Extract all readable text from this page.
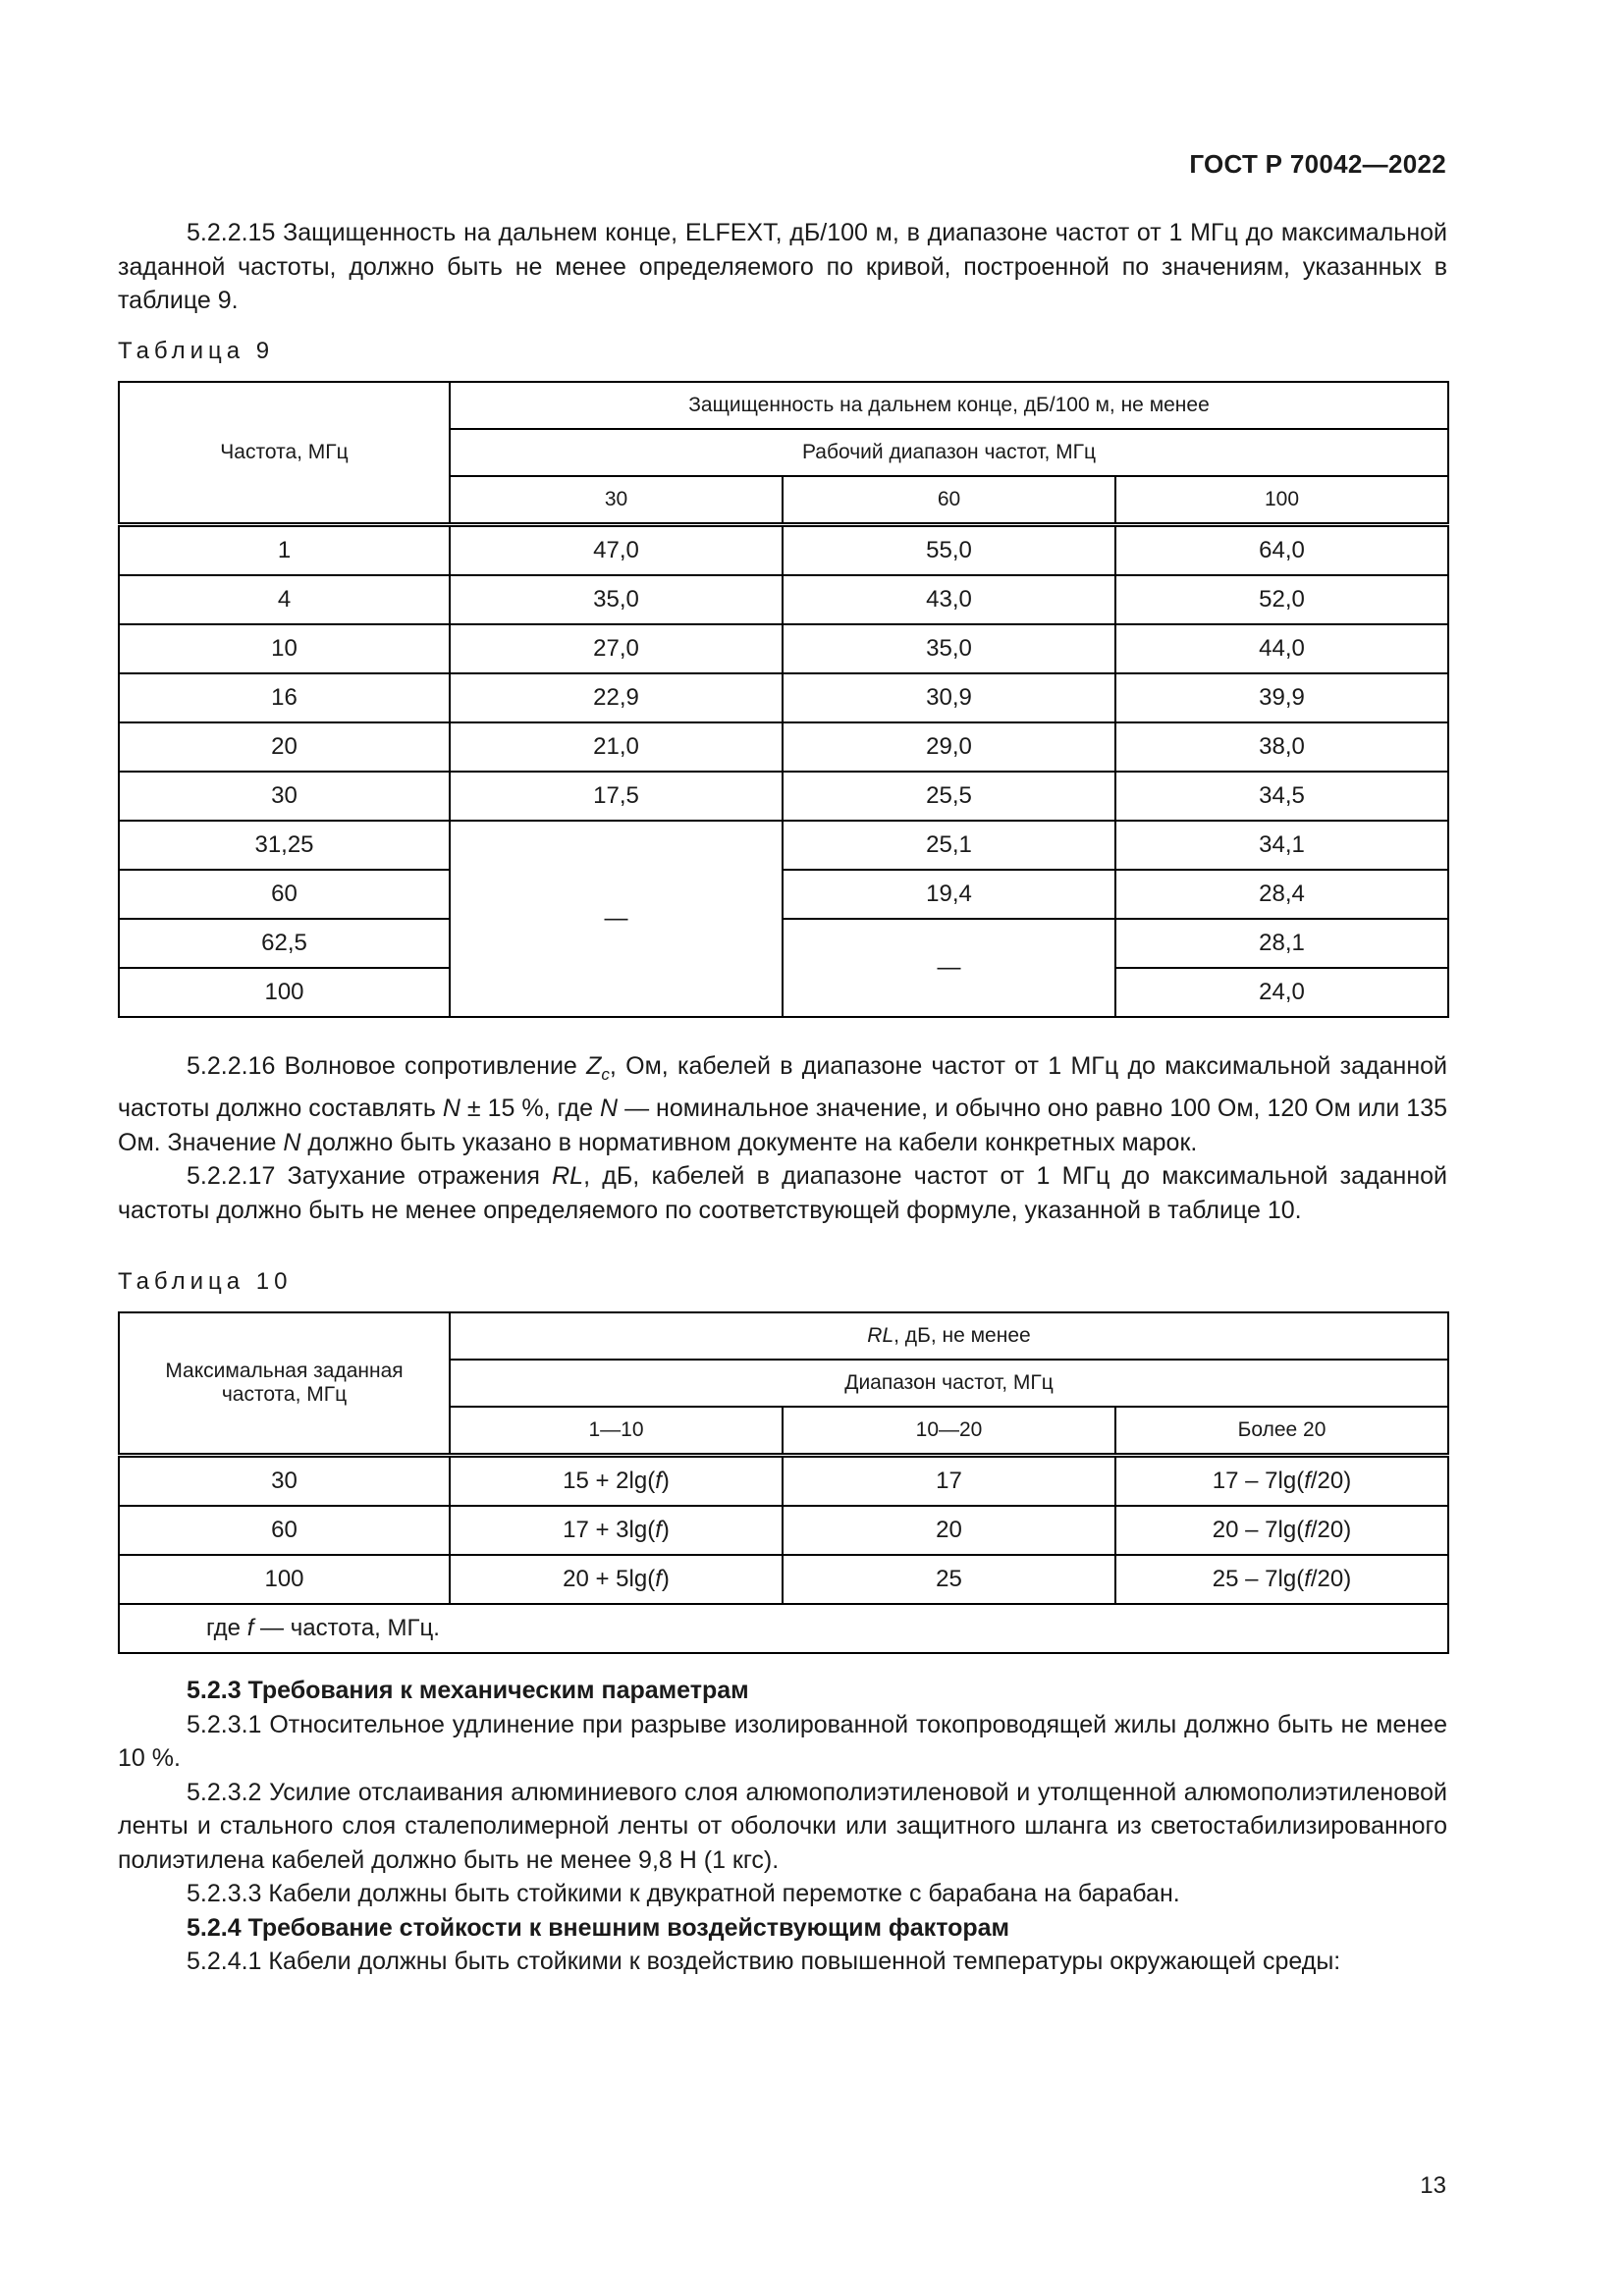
ГОСТ Р 70042—2022

5.2.2.15 Защищенность на дальнем конце, ELFEXT, дБ/100 м, в диапазоне частот от 1 МГц до максимальной заданной частоты, должно быть не менее определяемого по кривой, построенной по значениям, указанных в таблице 9.

Таблица 9
Частота, МГц	Защищенность на дальнем конце, дБ/100 м, не менее		
	Рабочий диапазон частот, МГц		
	30	60	100
1	47,0	55,0	64,0
4	35,0	43,0	52,0
10	27,0	35,0	44,0
16	22,9	30,9	39,9
20	21,0	29,0	38,0
30	17,5	25,5	34,5
31,25	—	25,1	34,1
60		19,4	28,4
62,5		—	28,1
100			24,0

5.2.2.16 Волновое сопротивление $Z_c$, Ом, кабелей в диапазоне частот от 1 МГц до максимальной заданной частоты должно составлять N ± 15 %, где N — номинальное значение, и обычно оно равно 100 Ом, 120 Ом или 135 Ом. Значение N должно быть указано в нормативном документе на кабели конкретных марок.

5.2.2.17 Затухание отражения RL, дБ, кабелей в диапазоне частот от 1 МГц до максимальной заданной частоты должно быть не менее определяемого по соответствующей формуле, указанной в таблице 10.

Таблица 10
Максимальная заданная частота, МГц	RL, дБ, не менее		
	Диапазон частот, МГц		
	1—10	10—20	Более 20
30	15 + 2lg(f)	17	17 – 7lg(f/20)
60	17 + 3lg(f)	20	20 – 7lg(f/20)
100	20 + 5lg(f)	25	25 – 7lg(f/20)
где f — частота, МГц.			

5.2.3 Требования к механическим параметрам

5.2.3.1 Относительное удлинение при разрыве изолированной токопроводящей жилы должно быть не менее 10 %.

5.2.3.2 Усилие отслаивания алюминиевого слоя алюмополиэтиленовой и утолщенной алюмополиэтиленовой ленты и стального слоя сталеполимерной ленты от оболочки или защитного шланга из светостабилизированного полиэтилена кабелей должно быть не менее 9,8 Н (1 кгс).

5.2.3.3 Кабели должны быть стойкими к двукратной перемотке с барабана на барабан.

5.2.4 Требование стойкости к внешним воздействующим факторам

5.2.4.1 Кабели должны быть стойкими к воздействию повышенной температуры окружающей среды:

13
